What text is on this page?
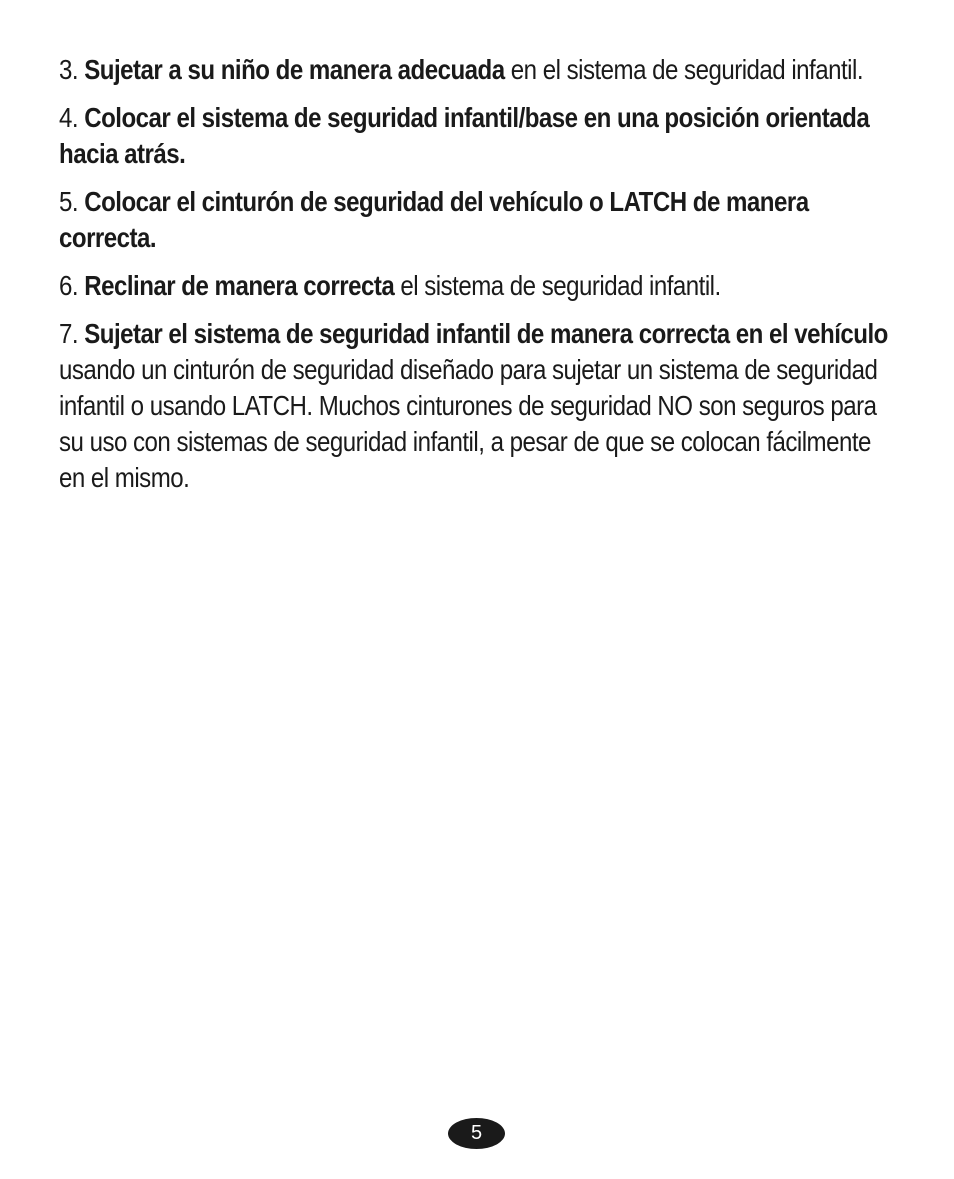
3. Sujetar a su niño de manera adecuada en el sistema de seguridad infantil.

4. Colocar el sistema de seguridad infantil/base en una posición orientada hacia atrás.

5. Colocar el cinturón de seguridad del vehículo o LATCH de manera correcta.

6. Reclinar de manera correcta el sistema de seguridad infantil.

7. Sujetar el sistema de seguridad infantil de manera correcta en el vehículo usando un cinturón de seguridad diseñado para sujetar un sistema de seguridad infantil o usando LATCH. Muchos cinturones de seguridad NO son seguros para su uso con sistemas de seguridad infantil, a pesar de que se colocan fácilmente en el mismo.

5
